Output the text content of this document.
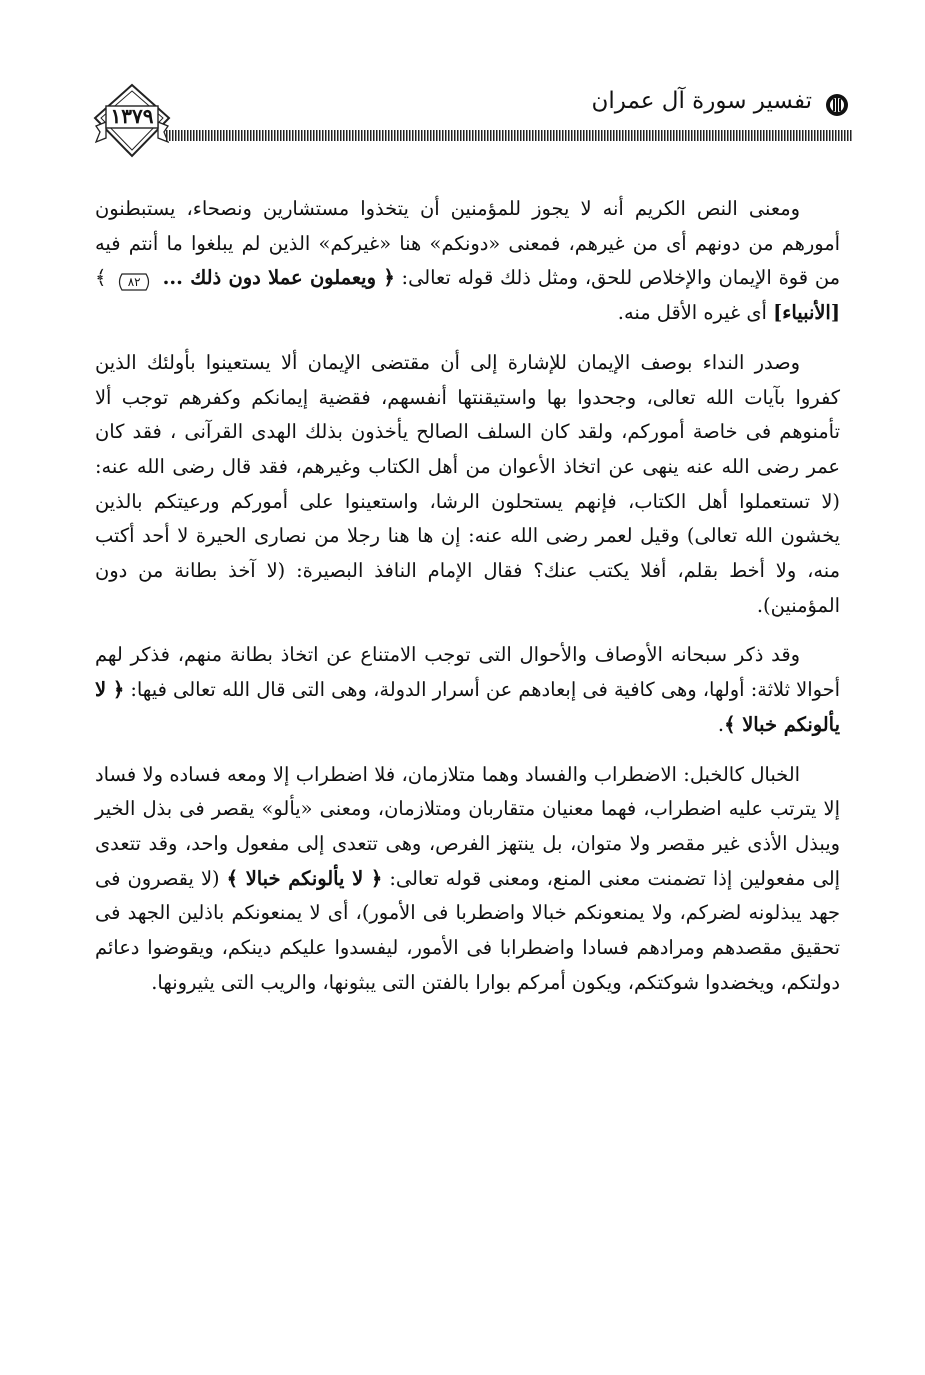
١٣٧٩
تفسير سورة آل عمران

ومعنى النص الكريم أنه لا يجوز للمؤمنين أن يتخذوا مستشارين ونصحاء، يستبطنون أمورهم من دونهم أى من غيرهم، فمعنى «دونكم» هنا «غيركم» الذين لم يبلغوا ما أنتم فيه من قوة الإيمان والإخلاص للحق، ومثل ذلك قوله تعالى: ﴿ ويعملون عملا دون ذلك ...
٨٢ ﴾ [الأنبياء] أى غيره الأقل منه.

وصدر النداء بوصف الإيمان للإشارة إلى أن مقتضى الإيمان ألا يستعينوا بأولئك الذين كفروا بآيات الله تعالى، وجحدوا بها واستيقنتها أنفسهم، فقضية إيمانكم وكفرهم توجب ألا تأمنوهم فى خاصة أموركم، ولقد كان السلف الصالح يأخذون بذلك الهدى القرآنى ، فقد كان عمر رضى الله عنه ينهى عن اتخاذ الأعوان من أهل الكتاب وغيرهم، فقد قال رضى الله عنه: (لا تستعملوا أهل الكتاب، فإنهم يستحلون الرشا، واستعينوا على أموركم ورعيتكم بالذين يخشون الله تعالى) وقيل لعمر رضى الله عنه: إن ها هنا رجلا من نصارى الحيرة لا أحد أكتب منه، ولا أخط بقلم، أفلا يكتب عنك؟ فقال الإمام النافذ البصيرة: (لا آخذ بطانة من دون المؤمنين).

وقد ذكر سبحانه الأوصاف والأحوال التى توجب الامتناع عن اتخاذ بطانة منهم، فذكر لهم أحوالا ثلاثة: أولها، وهى كافية فى إبعادهم عن أسرار الدولة، وهى التى قال الله تعالى فيها: ﴿ لا يألونكم خبالا ﴾.

الخبال كالخبل: الاضطراب والفساد وهما متلازمان، فلا اضطراب إلا ومعه فساده ولا فساد إلا يترتب عليه اضطراب، فهما معنيان متقاربان ومتلازمان، ومعنى «يألو» يقصر فى بذل الخير ويبذل الأذى غير مقصر ولا متوان، بل ينتهز الفرص، وهى تتعدى إلى مفعول واحد، وقد تتعدى إلى مفعولين إذا تضمنت معنى المنع، ومعنى قوله تعالى: ﴿ لا يألونكم خبالا ﴾ (لا يقصرون فى جهد يبذلونه لضركم، ولا يمنعونكم خبالا واضطربا فى الأمور)، أى لا يمنعونكم باذلين الجهد فى تحقيق مقصدهم ومرادهم فسادا واضطرابا فى الأمور، ليفسدوا عليكم دينكم، ويقوضوا دعائم دولتكم، ويخضدوا شوكتكم، ويكون أمركم بوارا بالفتن التى يبثونها، والريب التى يثيرونها.
